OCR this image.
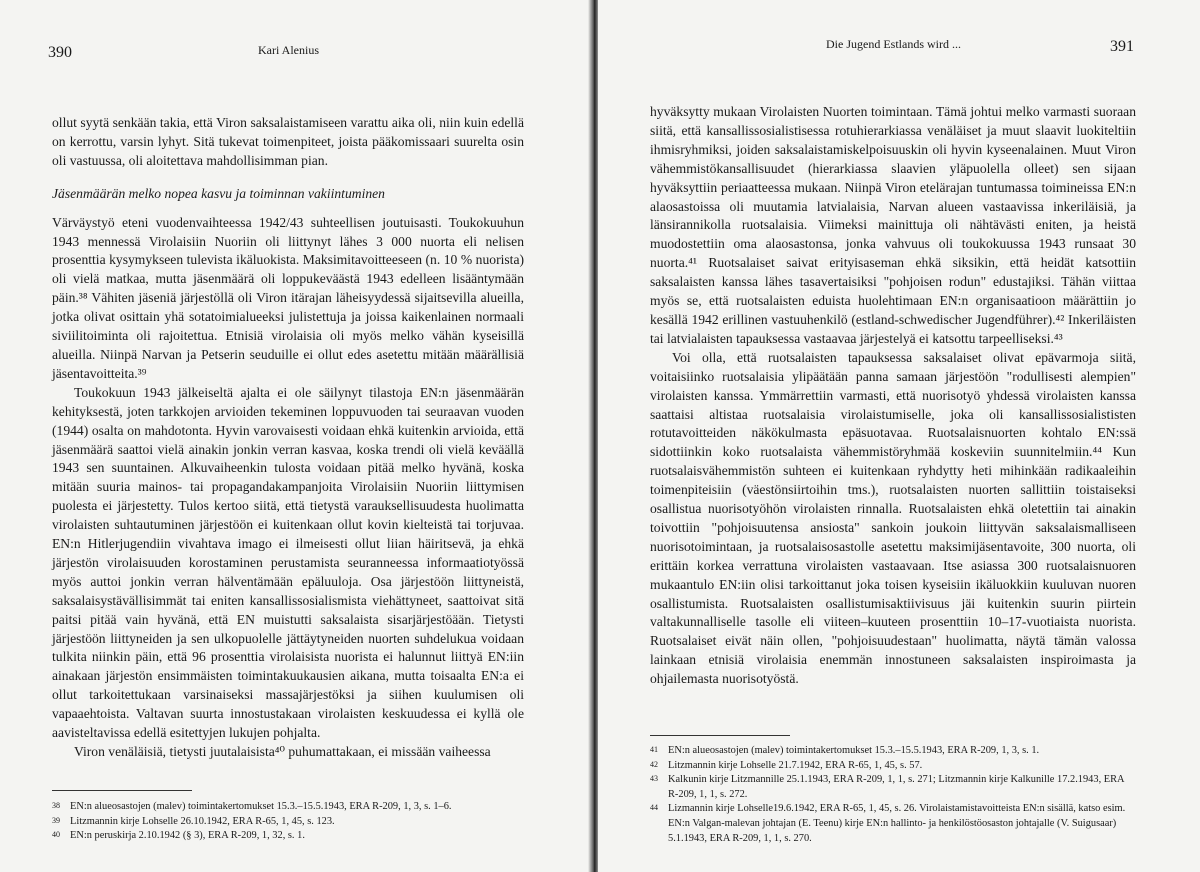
390	Kari Alenius

ollut syytä senkään takia, että Viron saksalaistamiseen varattu aika oli, niin kuin edellä on kerrottu, varsin lyhyt. Sitä tukevat toimenpiteet, joista pääkomissaari suurelta osin oli vastuussa, oli aloitettava mahdollisimman pian.

Jäsenmäärän melko nopea kasvu ja toiminnan vakiintuminen

Värväystyö eteni vuodenvaihteessa 1942/43 suhteellisen joutuisasti. Toukokuuhun 1943 mennessä Virolaisiin Nuoriin oli liittynyt lähes 3 000 nuorta eli nelisen prosenttia kysymykseen tulevista ikäluokista. Maksimitavoitteeseen (n. 10 % nuorista) oli vielä matkaa, mutta jäsenmäärä oli loppukeväästä 1943 edelleen lisääntymään päin.³⁸ Vähiten jäseniä järjestöllä oli Viron itärajan läheisyydessä sijaitsevilla alueilla, jotka olivat osittain yhä sotatoimialueeksi julistettuja ja joissa kaikenlainen normaali siviilitoiminta oli rajoitettua. Etnisiä virolaisia oli myös melko vähän kyseisillä alueilla. Niinpä Narvan ja Petserin seuduille ei ollut edes asetettu mitään määrällisiä jäsentavoitteita.³⁹

Toukokuun 1943 jälkeiseltä ajalta ei ole säilynyt tilastoja EN:n jäsenmäärän kehityksestä, joten tarkkojen arvioiden tekeminen loppuvuoden tai seuraavan vuoden (1944) osalta on mahdotonta. Hyvin varovaisesti voidaan ehkä kuitenkin arvioida, että jäsenmäärä saattoi vielä ainakin jonkin verran kasvaa, koska trendi oli vielä keväällä 1943 sen suuntainen. Alkuvaiheenkin tulosta voidaan pitää melko hyvänä, koska mitään suuria mainos- tai propagandakampanjoita Virolaisiin Nuoriin liittymisen puolesta ei järjestetty. Tulos kertoo siitä, että tietystä varauksellisuudesta huolimatta virolaisten suhtautuminen järjestöön ei kuitenkaan ollut kovin kielteistä tai torjuvaa. EN:n Hitlerjugendiin vivahtava imago ei ilmeisesti ollut liian häiritsevä, ja ehkä järjestön virolaisuuden korostaminen perustamista seuranneessa informaatiotyössä myös auttoi jonkin verran hälventämään epäluuloja. Osa järjestöön liittyneistä, saksalaisystävällisimmät tai eniten kansallissosialismista viehättyneet, saattoivat sitä paitsi pitää vain hyvänä, että EN muistutti saksalaista sisarjärjestöään. Tietysti järjestöön liittyneiden ja sen ulkopuolelle jättäytyneiden nuorten suhdelukua voidaan tulkita niinkin päin, että 96 prosenttia virolaisista nuorista ei halunnut liittyä EN:iin ainakaan järjestön ensimmäisten toimintakuukausien aikana, mutta toisaalta EN:a ei ollut tarkoitettukaan varsinaiseksi massajärjestöksi ja siihen kuulumisen oli vapaaehtoista. Valtavan suurta innostustakaan virolaisten keskuudessa ei kyllä ole aavisteltavissa edellä esitettyjen lukujen pohjalta.

Viron venäläisiä, tietysti juutalaisista⁴⁰ puhumattakaan, ei missään vaiheessa

38 EN:n alueosastojen (malev) toimintakertomukset 15.3.–15.5.1943, ERA R-209, 1, 3, s. 1–6.
39 Litzmannin kirje Lohselle 26.10.1942, ERA R-65, 1, 45, s. 123.
40 EN:n peruskirja 2.10.1942 (§ 3), ERA R-209, 1, 32, s. 1.
Die Jugend Estlands wird ...	391

hyväksytty mukaan Virolaisten Nuorten toimintaan. Tämä johtui melko varmasti suoraan siitä, että kansallissosialistisessa rotuhierarkiassa venäläiset ja muut slaavit luokiteltiin ihmisryhmiksi, joiden saksalaistamiskelpoisuuskin oli hyvin kyseenalainen. Muut Viron vähemmistökansallisuudet (hierarkiassa slaavien yläpuolella olleet) sen sijaan hyväksyttiin periaatteessa mukaan. Niinpä Viron etelärajan tuntumassa toimineissa EN:n alaosastoissa oli muutamia latvialaisia, Narvan alueen vastaavissa inkeriläisiä, ja länsirannikolla ruotsalaisia. Viimeksi mainittuja oli nähtävästi eniten, ja heistä muodostettiin oma alaosastonsa, jonka vahvuus oli toukokuussa 1943 runsaat 30 nuorta.⁴¹ Ruotsalaiset saivat erityisaseman ehkä siksikin, että heidät katsottiin saksalaisten kanssa lähes tasavertaisiksi "pohjoisen rodun" edustajiksi. Tähän viittaa myös se, että ruotsalaisten eduista huolehtimaan EN:n organisaatioon määrättiin jo kesällä 1942 erillinen vastuuhenkilö (estland-schwedischer Jugendführer).⁴² Inkeriläisten tai latvialaisten tapauksessa vastaavaa järjestelyä ei katsottu tarpeelliseksi.⁴³

Voi olla, että ruotsalaisten tapauksessa saksalaiset olivat epävarmoja siitä, voitaisiinko ruotsalaisia ylipäätään panna samaan järjestöön "rodullisesti alempien" virolaisten kanssa. Ymmärrettiin varmasti, että nuorisotyö yhdessä virolaisten kanssa saattaisi altistaa ruotsalaisia virolaistumiselle, joka oli kansallissosialististen rotutavoitteiden näkökulmasta epäsuotavaa. Ruotsalaisnuorten kohtalo EN:ssä sidottiinkin koko ruotsalaista vähemmistöryhmää koskeviin suunnitelmiin.⁴⁴ Kun ruotsalaisvähemmistön suhteen ei kuitenkaan ryhdytty heti mihinkään radikaaleihin toimenpiteisiin (väestönsiirtoihin tms.), ruotsalaisten nuorten sallittiin toistaiseksi osallistua nuorisotyöhön virolaisten rinnalla. Ruotsalaisten ehkä oletettiin tai ainakin toivottiin "pohjoisuutensa ansiosta" sankoin joukoin liittyvän saksalaismalliseen nuorisotoimintaan, ja ruotsalaisosastolle asetettu maksimijäsentavoite, 300 nuorta, oli erittäin korkea verrattuna virolaisten vastaavaan. Itse asiassa 300 ruotsalaisnuoren mukaantulo EN:iin olisi tarkoittanut joka toisen kyseisiin ikäluokkiin kuuluvan nuoren osallistumista. Ruotsalaisten osallistumisaktiivisuus jäi kuitenkin suurin piirtein valtakunnalliselle tasolle eli viiteen–kuuteen prosenttiin 10–17-vuotiaista nuorista. Ruotsalaiset eivät näin ollen, "pohjoisuudestaan" huolimatta, näytä tämän valossa lainkaan etnisiä virolaisia enemmän innostuneen saksalaisten inspiroimasta ja ohjailemasta nuorisotyöstä.

41 EN:n alueosastojen (malev) toimintakertomukset 15.3.–15.5.1943, ERA R-209, 1, 3, s. 1.
42 Litzmannin kirje Lohselle 21.7.1942, ERA R-65, 1, 45, s. 57.
43 Kalkunin kirje Litzmannille 25.1.1943, ERA R-209, 1, 1, s. 271; Litzmannin kirje Kalkunille 17.2.1943, ERA R-209, 1, 1, s. 272.
44 Lizmannin kirje Lohselle19.6.1942, ERA R-65, 1, 45, s. 26. Virolaistamistavoitteista EN:n sisällä, katso esim. EN:n Valgan-malevan johtajan (E. Teenu) kirje EN:n hallinto- ja henkilöstöosaston johtajalle (V. Suigusaar) 5.1.1943, ERA R-209, 1, 1, s. 270.
